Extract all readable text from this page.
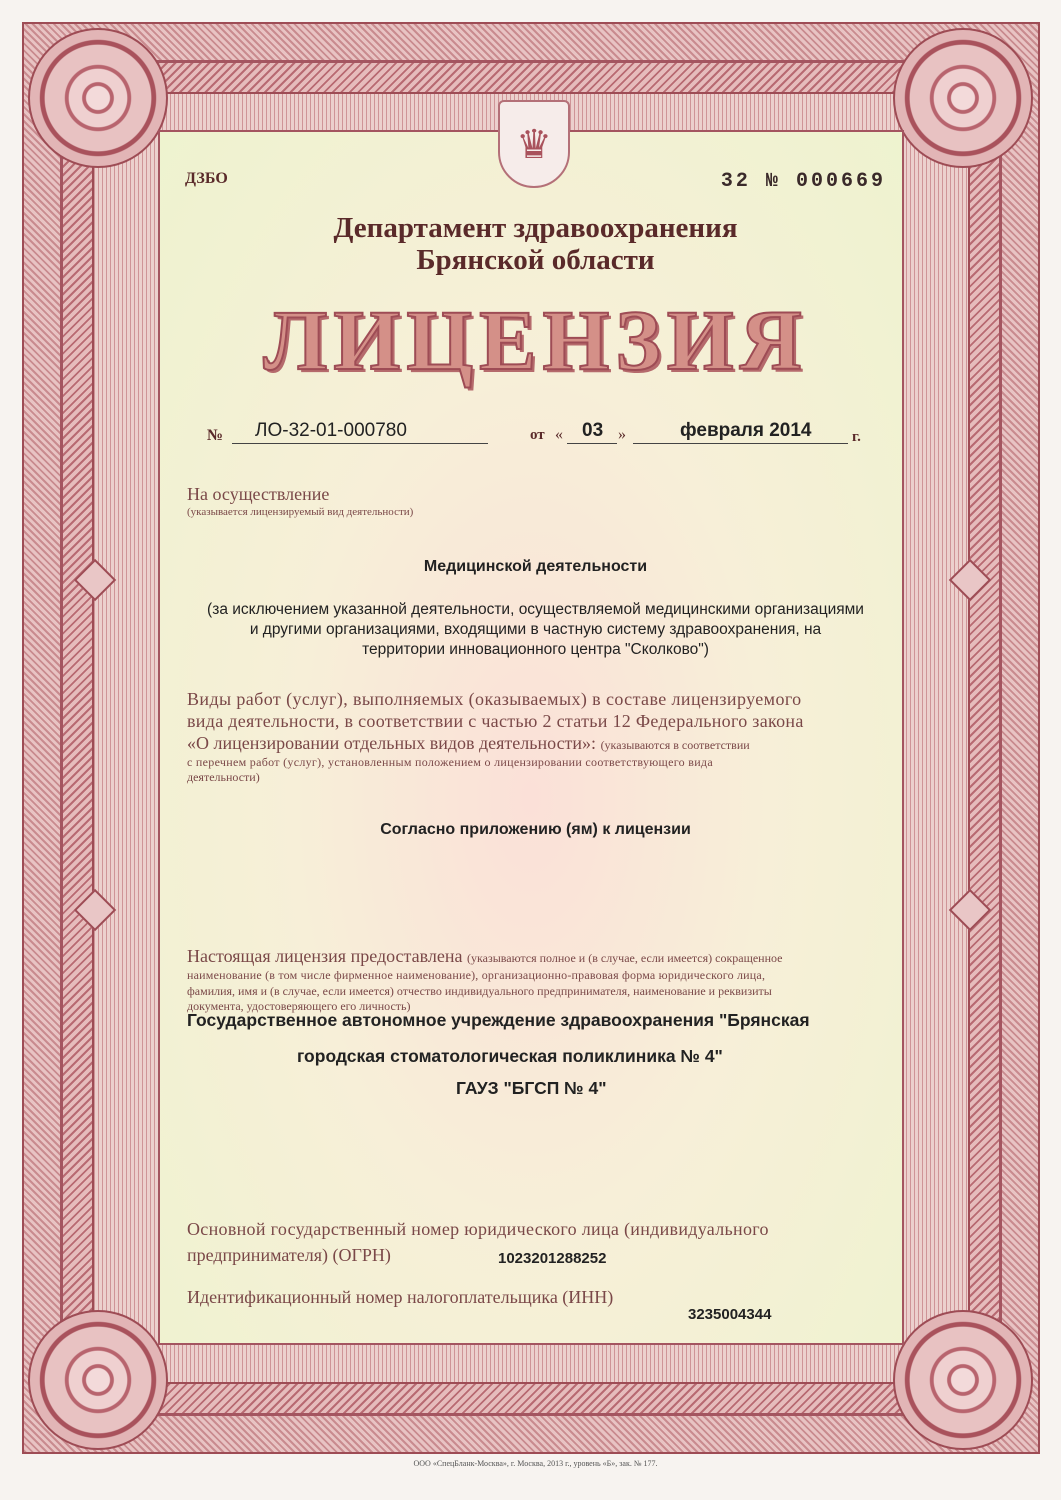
♛
ДЗБО	32 № 000669
Департамент здравоохранения
Брянской области
ЛИЦЕНЗИЯ
№ ЛО-32-01-000780	от « 03 »	февраля 2014	г.
На осуществление
(указывается лицензируемый вид деятельности)
Медицинской деятельности
(за исключением указанной деятельности, осуществляемой медицинскими организациями
и другими организациями, входящими в частную систему здравоохранения, на
территории инновационного центра "Сколково")
Виды работ (услуг), выполняемых (оказываемых) в составе лицензируемого
вида деятельности, в соответствии с частью 2 статьи 12 Федерального закона
«О лицензировании отдельных видов деятельности»: (указываются в соответствии
с перечнем работ (услуг), установленным положением о лицензировании соответствующего вида
деятельности)
Согласно приложению (ям) к лицензии
Настоящая лицензия предоставлена (указываются полное и (в случае, если имеется) сокращенное
наименование (в том числе фирменное наименование), организационно-правовая форма юридического лица,
фамилия, имя и (в случае, если имеется) отчество индивидуального предпринимателя, наименование и реквизиты
документа, удостоверяющего его личность)
Государственное автономное учреждение здравоохранения "Брянская
городская стоматологическая поликлиника № 4"
ГАУЗ "БГСП № 4"
Основной государственный номер юридического лица (индивидуального
предпринимателя) (ОГРН)	1023201288252
Идентификационный номер налогоплательщика (ИНН)
3235004344
ООО «СпецБланк-Москва», г. Москва, 2013 г., уровень «Б», зак. № 177.
